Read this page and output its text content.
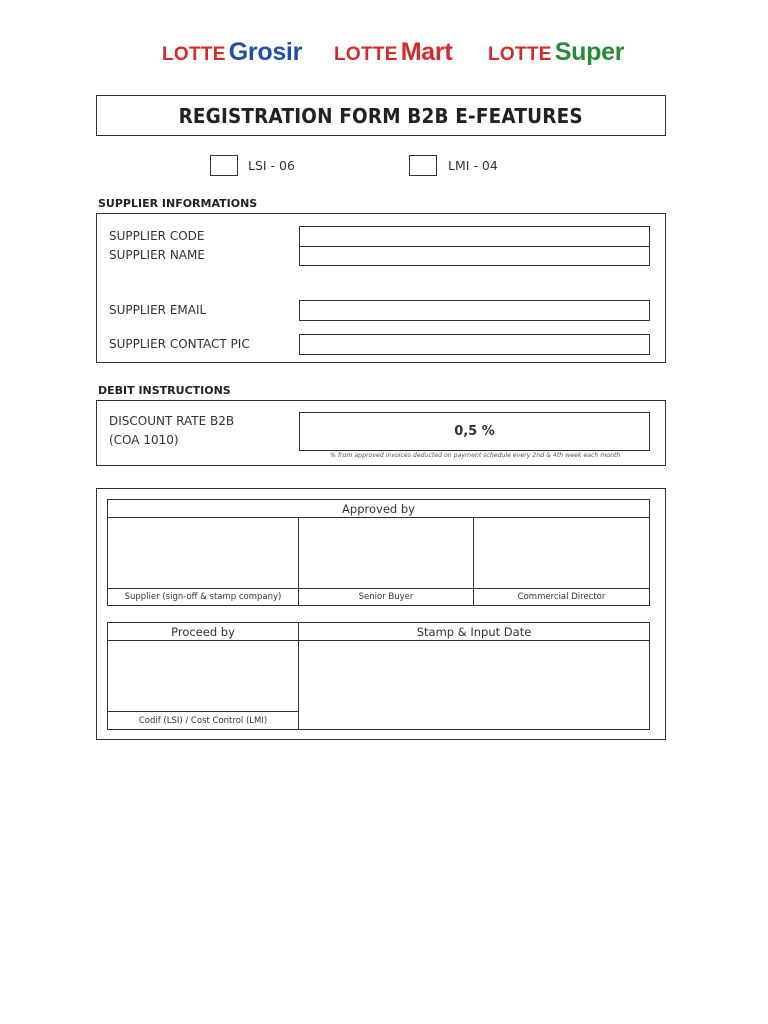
LOTTE Grosir LOTTE Mart LOTTE Super
REGISTRATION FORM B2B E-FEATURES
LSI - 06	LMI - 04
SUPPLIER INFORMATIONS
SUPPLIER CODE
SUPPLIER NAME
SUPPLIER EMAIL
SUPPLIER CONTACT PIC
DEBIT INSTRUCTIONS
DISCOUNT RATE B2B
(COA 1010)
0,5 %
% from approved invoices deducted on payment schedule every 2nd & 4th week each month
Approved by
Supplier (sign-off & stamp company)	Senior Buyer	Commercial Director
Proceed by	Stamp & Input Date
Codif (LSI) / Cost Control (LMI)
